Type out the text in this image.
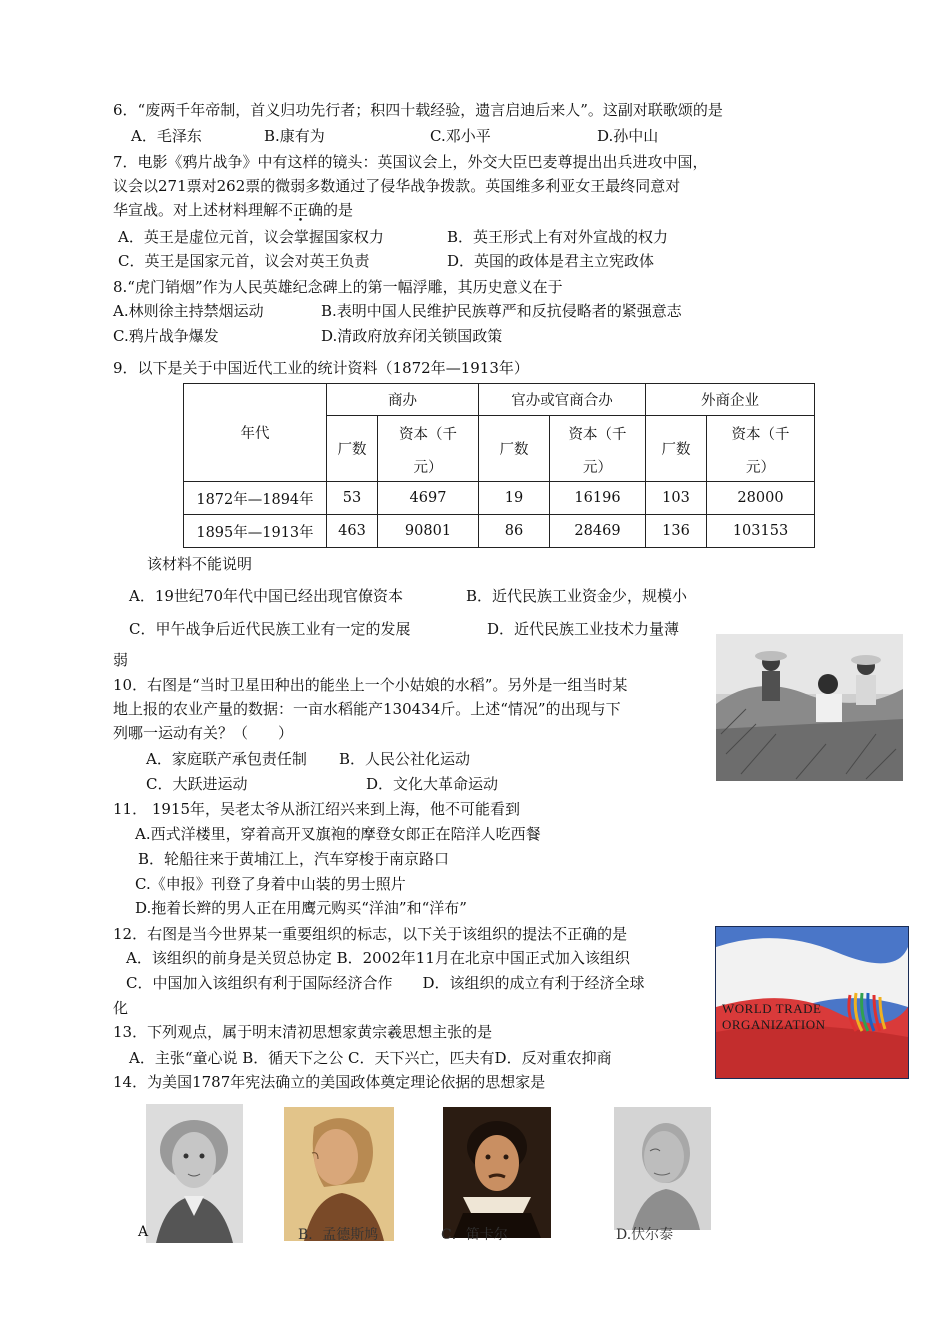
6．“废两千年帝制，首义归功先行者；积四十载经验，遗言启迪后来人”。这副对联歌颂的是
A．毛泽东	B.康有为	C.邓小平	D.孙中山
7．电影《鸦片战争》中有这样的镜头：英国议会上，外交大臣巴麦尊提出出兵进攻中国，
议会以271票对262票的微弱多数通过了侵华战争拨款。英国维多利亚女王最终同意对
华宣战。对上述材料理解不正确的是
A．英王是虚位元首，议会掌握国家权力	B．英王形式上有对外宣战的权力
C．英王是国家元首，议会对英王负责	D．英国的政体是君主立宪政体
8.“虎门销烟”作为人民英雄纪念碑上的第一幅浮雕，其历史意义在于
A.林则徐主持禁烟运动	B.表明中国人民维护民族尊严和反抗侵略者的紧强意志
C.鸦片战争爆发	D.清政府放弃闭关锁国政策
9．以下是关于中国近代工业的统计资料（1872年—1913年）
年代	商办		官办或官商合办		外商企业	
	厂数	资本（千	厂数	资本（千	厂数	资本（千
		元）		元）		元）
1872年—1894年	53	4697	19	16196	103	28000
1895年—1913年	463	90801	86	28469	136	103153
该材料不能说明
A．19世纪70年代中国已经出现官僚资本	B．近代民族工业资金少，规模小
C．甲午战争后近代民族工业有一定的发展	D．近代民族工业技术力量薄
弱
10．右图是“当时卫星田种出的能坐上一个小姑娘的水稻”。另外是一组当时某
地上报的农业产量的数据：一亩水稻能产130434斤。上述“情况”的出现与下
列哪一运动有关？（　　）
A．家庭联产承包责任制 B．人民公社化运动
C．大跃进运动	D．文化大革命运动
11． 1915年，吴老太爷从浙江绍兴来到上海，他不可能看到
A.西式洋楼里，穿着高开叉旗袍的摩登女郎正在陪洋人吃西餐
B．轮船往来于黄埔江上，汽车穿梭于南京路口
C.《申报》刊登了身着中山装的男士照片
D.拖着长辫的男人正在用鹰元购买“洋油”和“洋布”
12．右图是当今世界某一重要组织的标志，以下关于该组织的提法不正确的是
A．该组织的前身是关贸总协定 B．2002年11月在北京中国正式加入该组织
C．中国加入该组织有利于国际经济合作　　D．该组织的成立有利于经济全球
化	WORLD TRADE
ORGANIZATION
13．下列观点，属于明末清初思想家黄宗羲思想主张的是
A．主张“童心说 B．循天下之公 C．天下兴亡，匹夫有D．反对重农抑商
14．为美国1787年宪法确立的美国政体奠定理论依据的思想家是
A	B．孟德斯鸠	C．笛卡尔	D.伏尔泰
